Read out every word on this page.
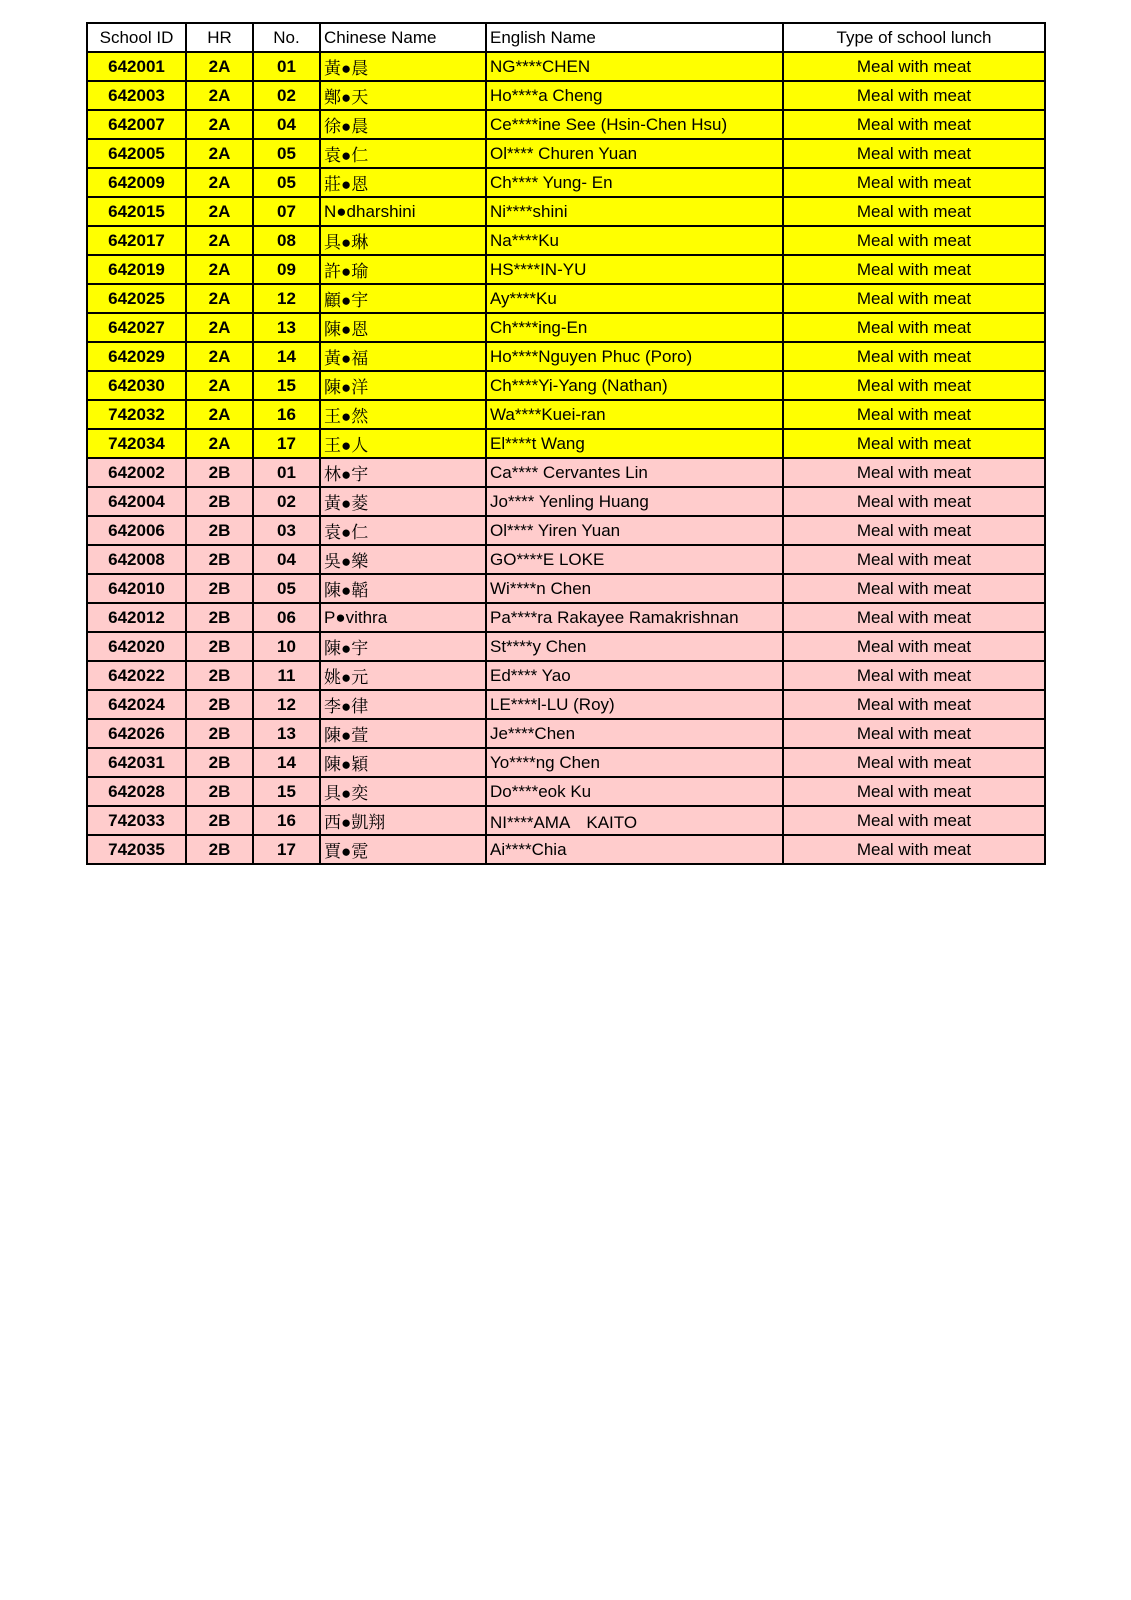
School ID	HR	No.	Chinese Name	English Name	Type of school lunch
642001	2A	01	黃●晨	NG****CHEN	Meal with meat
642003	2A	02	鄭●天	Ho****a Cheng	Meal with meat
642007	2A	04	徐●晨	Ce****ine See (Hsin-Chen Hsu)	Meal with meat
642005	2A	05	袁●仁	Ol**** Churen Yuan	Meal with meat
642009	2A	05	莊●恩	Ch**** Yung- En	Meal with meat
642015	2A	07	N●dharshini	Ni****shini	Meal with meat
642017	2A	08	具●琳	Na****Ku	Meal with meat
642019	2A	09	許●瑜	HS****IN-YU	Meal with meat
642025	2A	12	顧●宇	Ay****Ku	Meal with meat
642027	2A	13	陳●恩	Ch****ing-En	Meal with meat
642029	2A	14	黃●福	Ho****Nguyen Phuc (Poro)	Meal with meat
642030	2A	15	陳●洋	Ch****Yi-Yang (Nathan)	Meal with meat
742032	2A	16	王●然	Wa****Kuei-ran	Meal with meat
742034	2A	17	王●人	El****t Wang	Meal with meat
642002	2B	01	林●宇	Ca**** Cervantes Lin	Meal with meat
642004	2B	02	黃●菱	Jo**** Yenling Huang	Meal with meat
642006	2B	03	袁●仁	Ol**** Yiren Yuan	Meal with meat
642008	2B	04	吳●樂	GO****E LOKE	Meal with meat
642010	2B	05	陳●韜	Wi****n Chen	Meal with meat
642012	2B	06	P●vithra	Pa****ra Rakayee Ramakrishnan	Meal with meat
642020	2B	10	陳●宇	St****y Chen	Meal with meat
642022	2B	11	姚●元	Ed**** Yao	Meal with meat
642024	2B	12	李●律	LE****l-LU (Roy)	Meal with meat
642026	2B	13	陳●萱	Je****Chen	Meal with meat
642031	2B	14	陳●穎	Yo****ng Chen	Meal with meat
642028	2B	15	具●奕	Do****eok Ku	Meal with meat
742033	2B	16	西●凱翔	NI****AMA　KAITO	Meal with meat
742035	2B	17	賈●霓	Ai****Chia	Meal with meat
